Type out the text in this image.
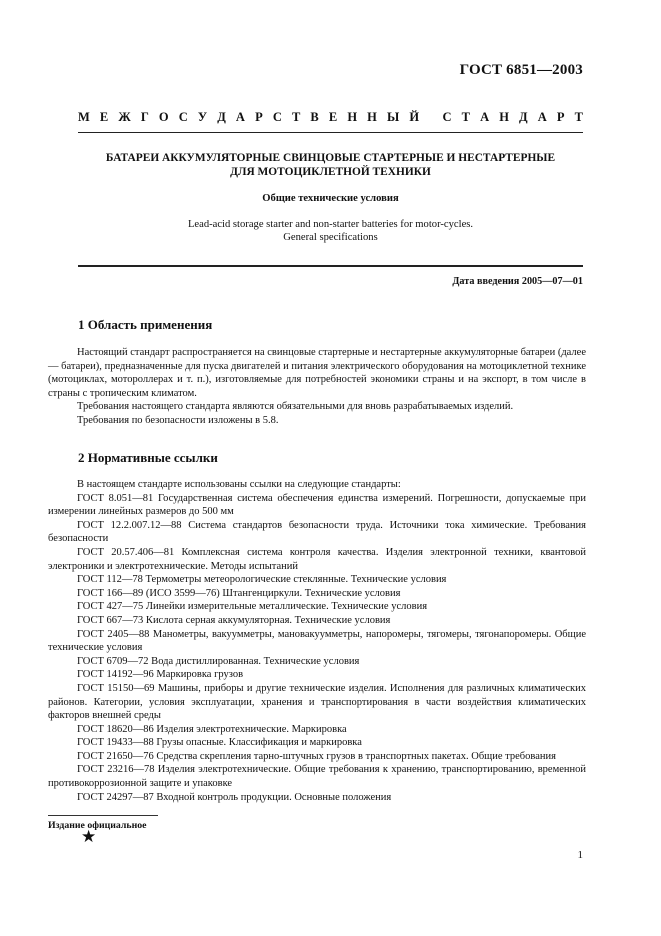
ГОСТ 6851—2003
М Е Ж Г О С У Д А Р С Т В Е Н Н Ы Й
С Т А Н Д А Р Т
БАТАРЕИ АККУМУЛЯТОРНЫЕ СВИНЦОВЫЕ СТАРТЕРНЫЕ И НЕСТАРТЕРНЫЕ
ДЛЯ МОТОЦИКЛЕТНОЙ ТЕХНИКИ
Общие технические условия
Lead-acid storage starter and non-starter batteries for motor-cycles.
General specifications
Дата введения 2005—07—01
1 Область применения

Настоящий стандарт распространяется на свинцовые стартерные и нестартерные аккумуляторные батареи (далее — батареи), предназначенные для пуска двигателей и питания электрического оборудования на мотоциклетной технике (мотоциклах, мотороллерах и т. п.), изготовляемые для потребностей экономики страны и на экспорт, в том числе в страны с тропическим климатом.

Требования настоящего стандарта являются обязательными для вновь разрабатываемых изделий.

Требования по безопасности изложены в 5.8.

2 Нормативные ссылки

В настоящем стандарте использованы ссылки на следующие стандарты:

ГОСТ 8.051—81 Государственная система обеспечения единства измерений. Погрешности, допускаемые при измерении линейных размеров до 500 мм

ГОСТ 12.2.007.12—88 Система стандартов безопасности труда. Источники тока химические. Требования безопасности

ГОСТ 20.57.406—81 Комплексная система контроля качества. Изделия электронной техники, квантовой электроники и электротехнические. Методы испытаний

ГОСТ 112—78 Термометры метеорологические стеклянные. Технические условия

ГОСТ 166—89 (ИСО 3599—76) Штангенциркули. Технические условия

ГОСТ 427—75 Линейки измерительные металлические. Технические условия

ГОСТ 667—73 Кислота серная аккумуляторная. Технические условия

ГОСТ 2405—88 Манометры, вакуумметры, мановакуумметры, напоромеры, тягомеры, тягонапоромеры. Общие технические условия

ГОСТ 6709—72 Вода дистиллированная. Технические условия

ГОСТ 14192—96 Маркировка грузов

ГОСТ 15150—69 Машины, приборы и другие технические изделия. Исполнения для различных климатических районов. Категории, условия эксплуатации, хранения и транспортирования в части воздействия климатических факторов внешней среды

ГОСТ 18620—86 Изделия электротехнические. Маркировка

ГОСТ 19433—88 Грузы опасные. Классификация и маркировка

ГОСТ 21650—76 Средства скрепления тарно-штучных грузов в транспортных пакетах. Общие требования

ГОСТ 23216—78 Изделия электротехнические. Общие требования к хранению, транспортированию, временной противокоррозионной защите и упаковке

ГОСТ 24297—87 Входной контроль продукции. Основные положения

Издание официальное
★
1
